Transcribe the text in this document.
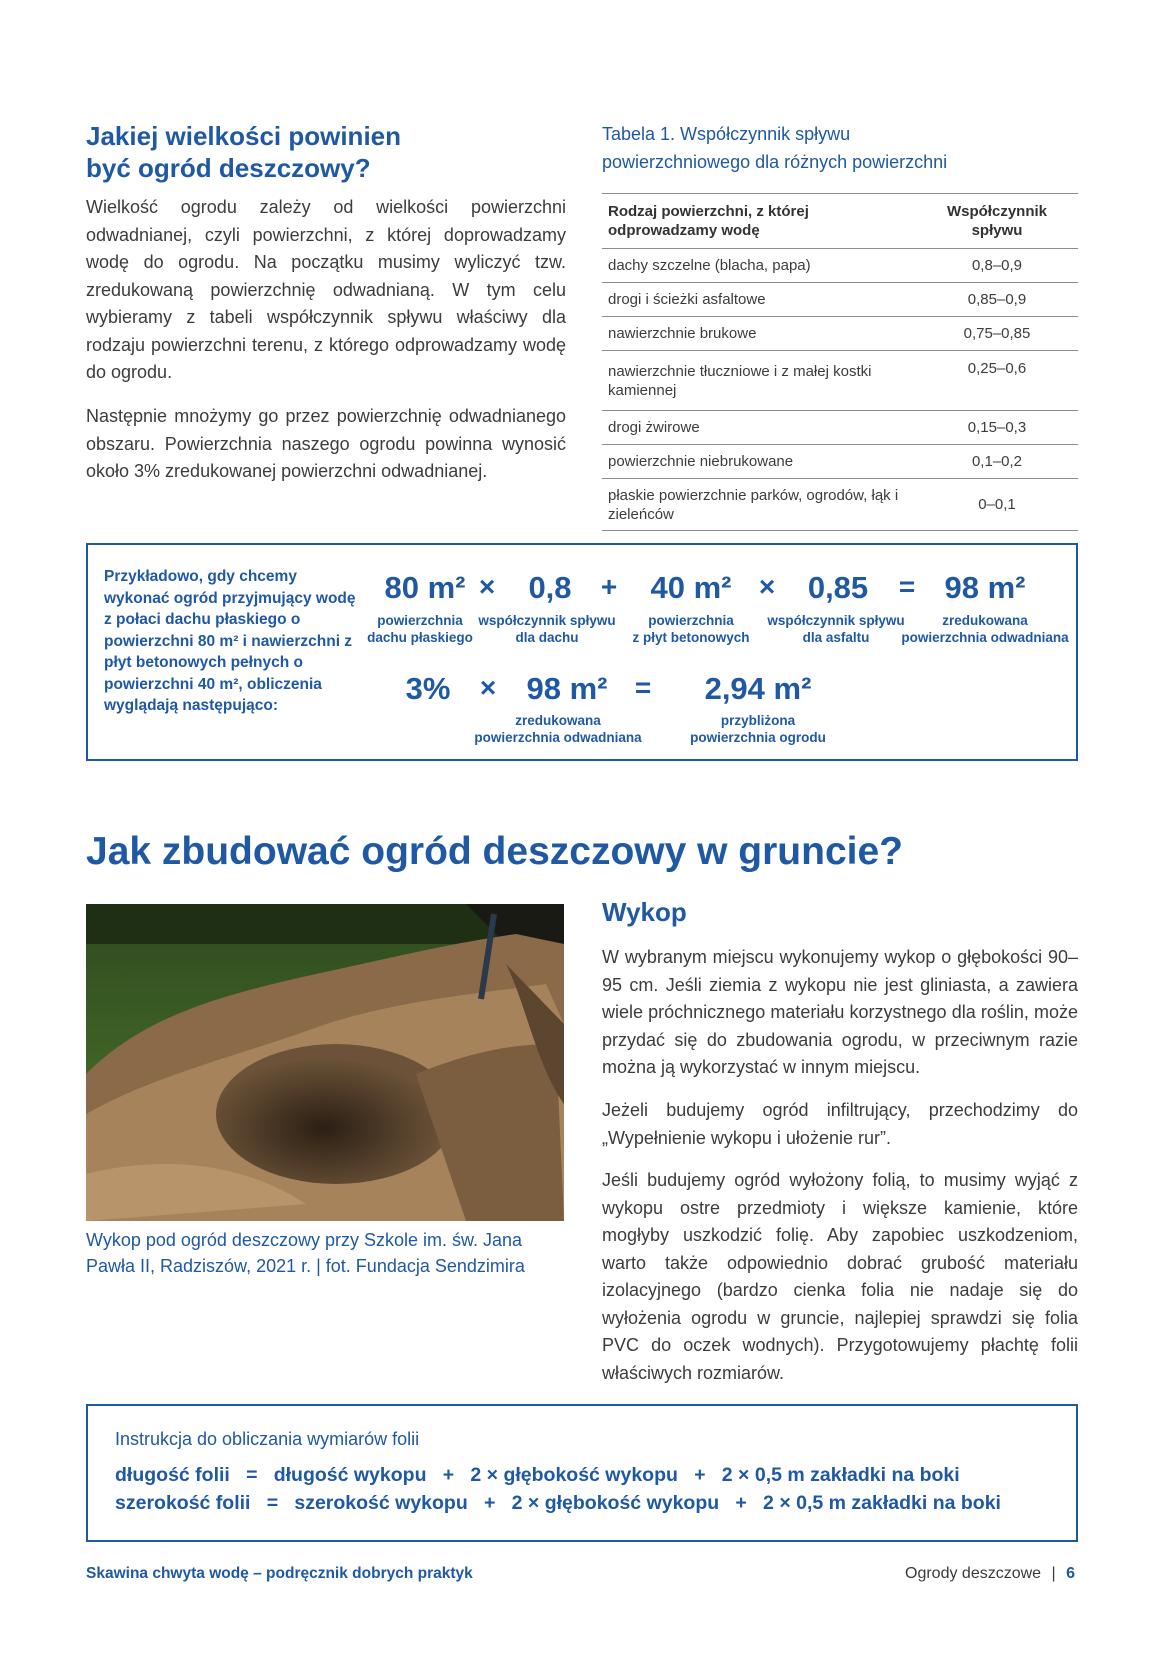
Jakiej wielkości powinien
być ogród deszczowy?
Wielkość ogrodu zależy od wielkości powierzchni odwadnianej, czyli powierzchni, z której doprowadzamy wodę do ogrodu. Na początku musimy wyliczyć tzw. zredukowaną powierzchnię odwadnianą. W tym celu wybieramy z tabeli współczynnik spływu właściwy dla rodzaju powierzchni terenu, z którego odprowadzamy wodę do ogrodu.
Następnie mnożymy go przez powierzchnię odwadnianego obszaru. Powierzchnia naszego ogrodu powinna wynosić około 3% zredukowanej powierzchni odwadnianej.
Tabela 1. Współczynnik spływu
powierzchniowego dla różnych powierzchni
Rodzaj powierzchni, z której odprowadzamy wodę	Współczynnik spływu
dachy szczelne (blacha, papa)	0,8–0,9
drogi i ścieżki asfaltowe	0,85–0,9
nawierzchnie brukowe	0,75–0,85
nawierzchnie tłuczniowe i z małej kostki kamiennej	0,25–0,6
drogi żwirowe	0,15–0,3
powierzchnie niebrukowane	0,1–0,2
płaskie powierzchnie parków, ogrodów, łąk i zieleńców	0–0,1
Przykładowo, gdy chcemy wykonać ogród przyjmujący wodę z połaci dachu płaskiego o powierzchni 80 m² i nawierzchni z płyt betonowych pełnych o powierzchni 40 m², obliczenia wyglądają następująco:
80 m²
powierzchnia
dachu płaskiego
×	0,8
współczynnik spływu
dla dachu
+	40 m²
powierzchnia
z płyt betonowych
×	0,85
współczynnik spływu
dla asfaltu
= 98 m²
zredukowana
powierzchnia odwadniana
3% × 98 m²
zredukowana
powierzchnia odwadniana
=	2,94 m²
przybliżona
powierzchnia ogrodu
Jak zbudować ogród deszczowy w gruncie?
Wykop pod ogród deszczowy przy Szkole im. św. Jana Pawła II, Radziszów, 2021 r. | fot. Fundacja Sendzimira
Wykop
W wybranym miejscu wykonujemy wykop o głębokości 90–95 cm. Jeśli ziemia z wykopu nie jest gliniasta, a zawiera wiele próchnicznego materiału korzystnego dla roślin, może przydać się do zbudowania ogrodu, w przeciwnym razie można ją wykorzystać w innym miejscu.
Jeżeli budujemy ogród infiltrujący, przechodzimy do „Wypełnienie wykopu i ułożenie rur”.
Jeśli budujemy ogród wyłożony folią, to musimy wyjąć z wykopu ostre przedmioty i większe kamienie, które mogłyby uszkodzić folię. Aby zapobiec uszkodzeniom, warto także odpowiednio dobrać grubość materiału izolacyjnego (bardzo cienka folia nie nadaje się do wyłożenia ogrodu w gruncie, najlepiej sprawdzi się folia PVC do oczek wodnych). Przygotowujemy płachtę folii właściwych rozmiarów.
Instrukcja do obliczania wymiarów folii
długość folii   =   długość wykopu   +   2 × głębokość wykopu   +   2 × 0,5 m zakładki na boki
szerokość folii   =   szerokość wykopu   +   2 × głębokość wykopu   +   2 × 0,5 m zakładki na boki
Skawina chwyta wodę – podręcznik dobrych praktyk	Ogrody deszczowe | 6
